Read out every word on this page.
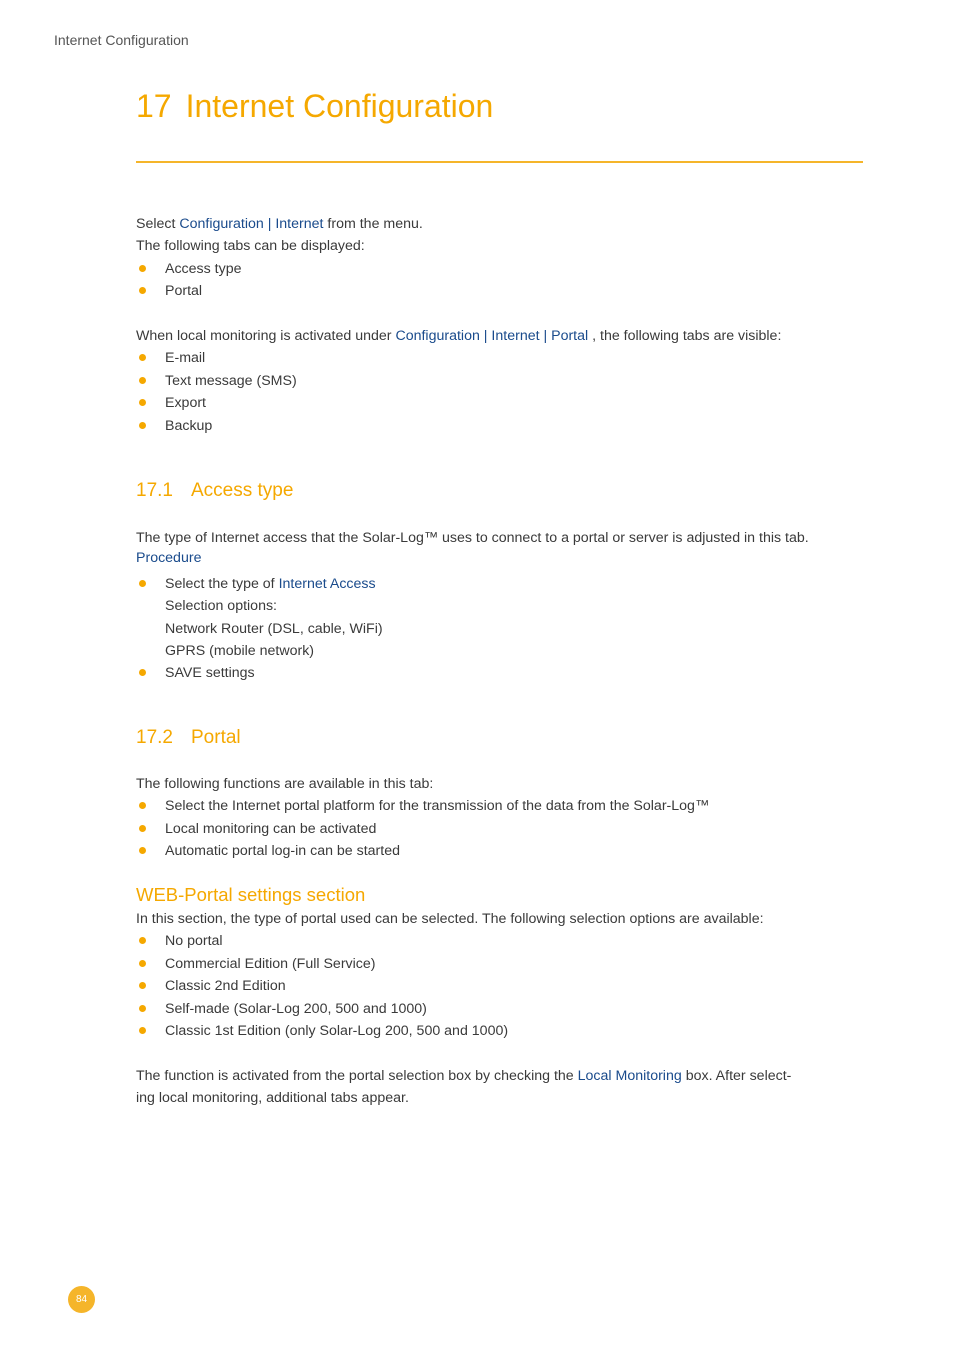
Internet Configuration
17 Internet Configuration
Select Configuration | Internet from the menu.
The following tabs can be displayed:
Access type
Portal
When local monitoring is activated under Configuration | Internet | Portal , the following tabs are visible:
E-mail
Text message (SMS)
Export
Backup
17.1 Access type
The type of Internet access that the Solar-Log™ uses to connect to a portal or server is adjusted in this tab.
Procedure
Select the type of Internet Access
Selection options:
Network Router (DSL, cable, WiFi)
GPRS (mobile network)
SAVE settings
17.2 Portal
The following functions are available in this tab:
Select the Internet portal platform for the transmission of the data from the Solar-Log™
Local monitoring can be activated
Automatic portal log-in can be started
WEB-Portal settings section
In this section, the type of portal used can be selected. The following selection options are available:
No portal
Commercial Edition (Full Service)
Classic 2nd Edition
Self-made (Solar-Log 200, 500 and 1000)
Classic 1st Edition (only Solar-Log 200, 500 and 1000)
The function is activated from the portal selection box by checking the Local Monitoring box. After select-
ing local monitoring, additional tabs appear.
84
